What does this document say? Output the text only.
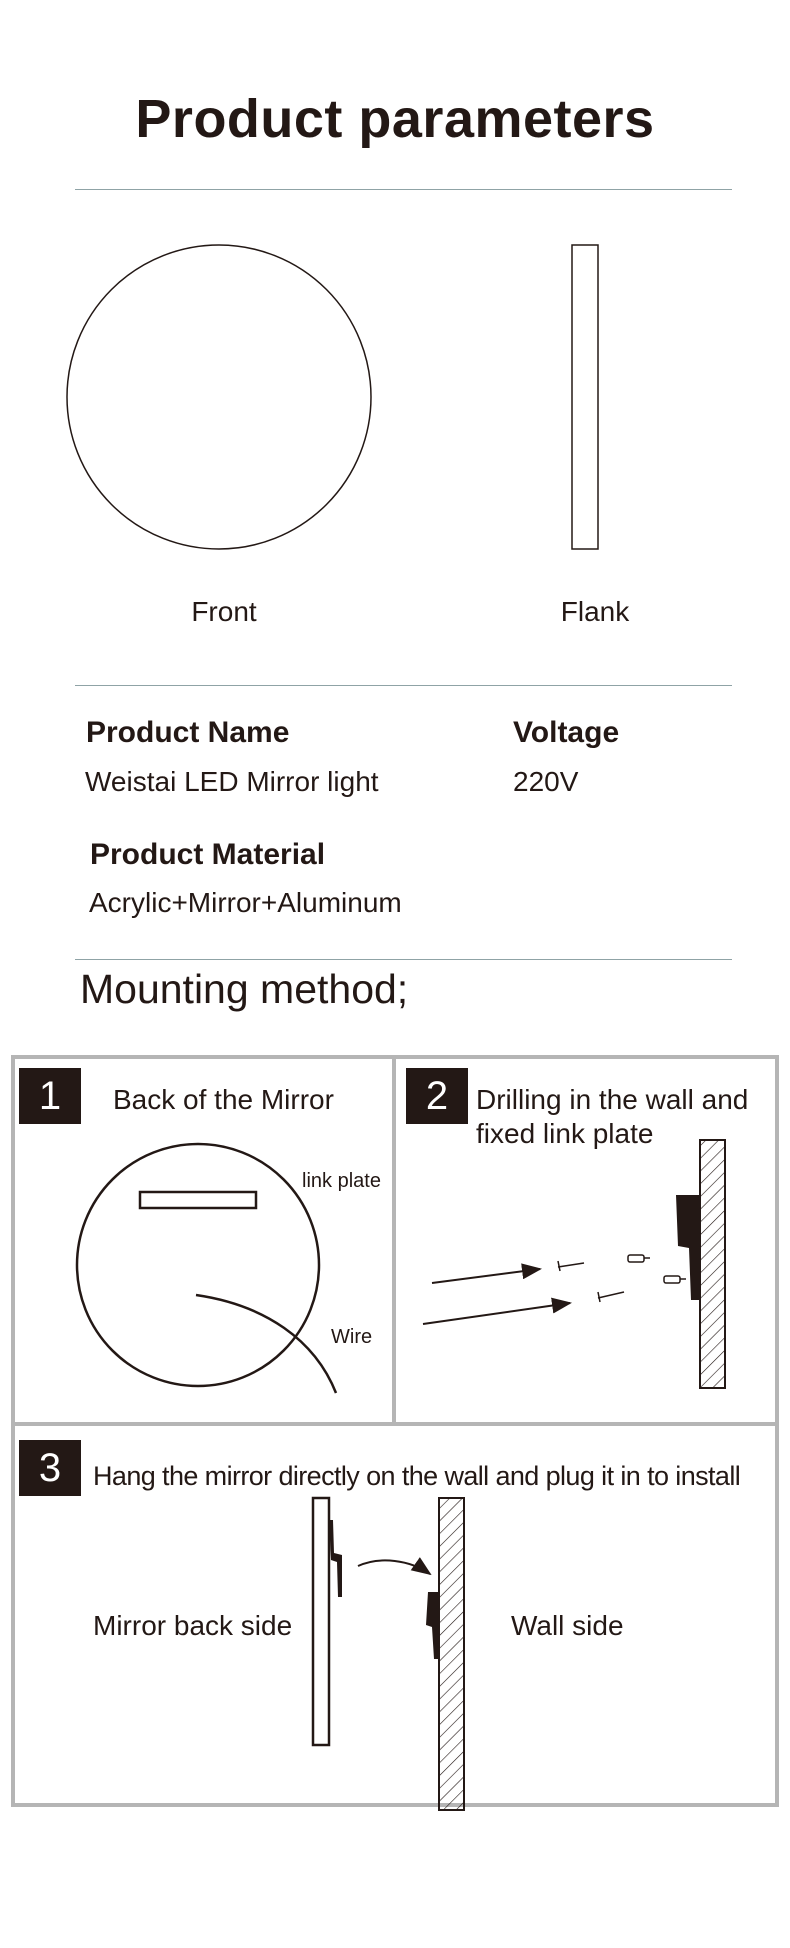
Product parameters
Front	Flank
Product Name
Weistai LED Mirror light
Voltage
220V
Product Material
Acrylic+Mirror+Aluminum
Mounting method;
1	Back of the Mirror
link plate
Wire
2 Drilling in the wall and
fixed link plate
3	Hang the mirror directly on the wall and plug it in to install
Mirror back side	Wall side
